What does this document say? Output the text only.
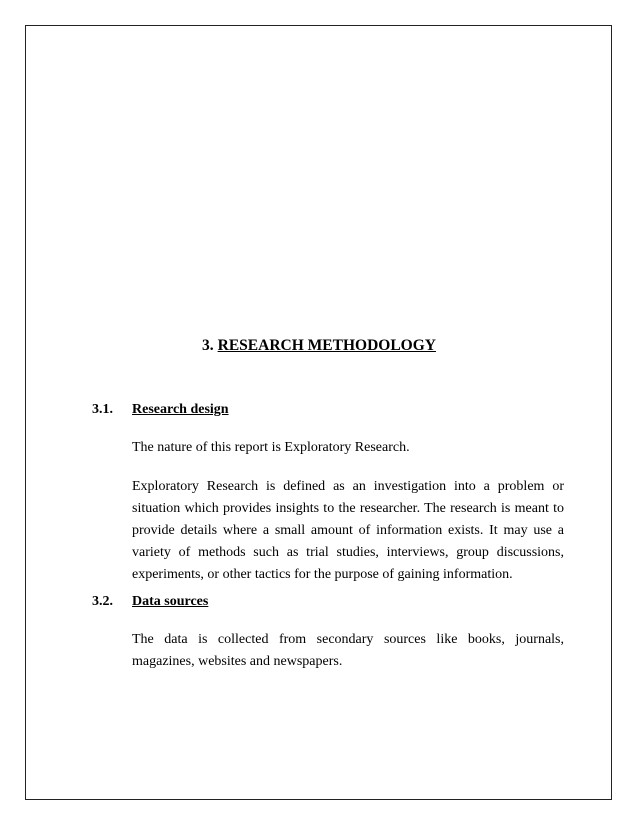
3. RESEARCH METHODOLOGY
3.1. Research design

The nature of this report is Exploratory Research.

Exploratory Research is defined as an investigation into a problem or situation which provides insights to the researcher. The research is meant to provide details where a small amount of information exists. It may use a variety of methods such as trial studies, interviews, group discussions, experiments, or other tactics for the purpose of gaining information.

3.2. Data sources

The data is collected from secondary sources like books, journals, magazines, websites and newspapers.
